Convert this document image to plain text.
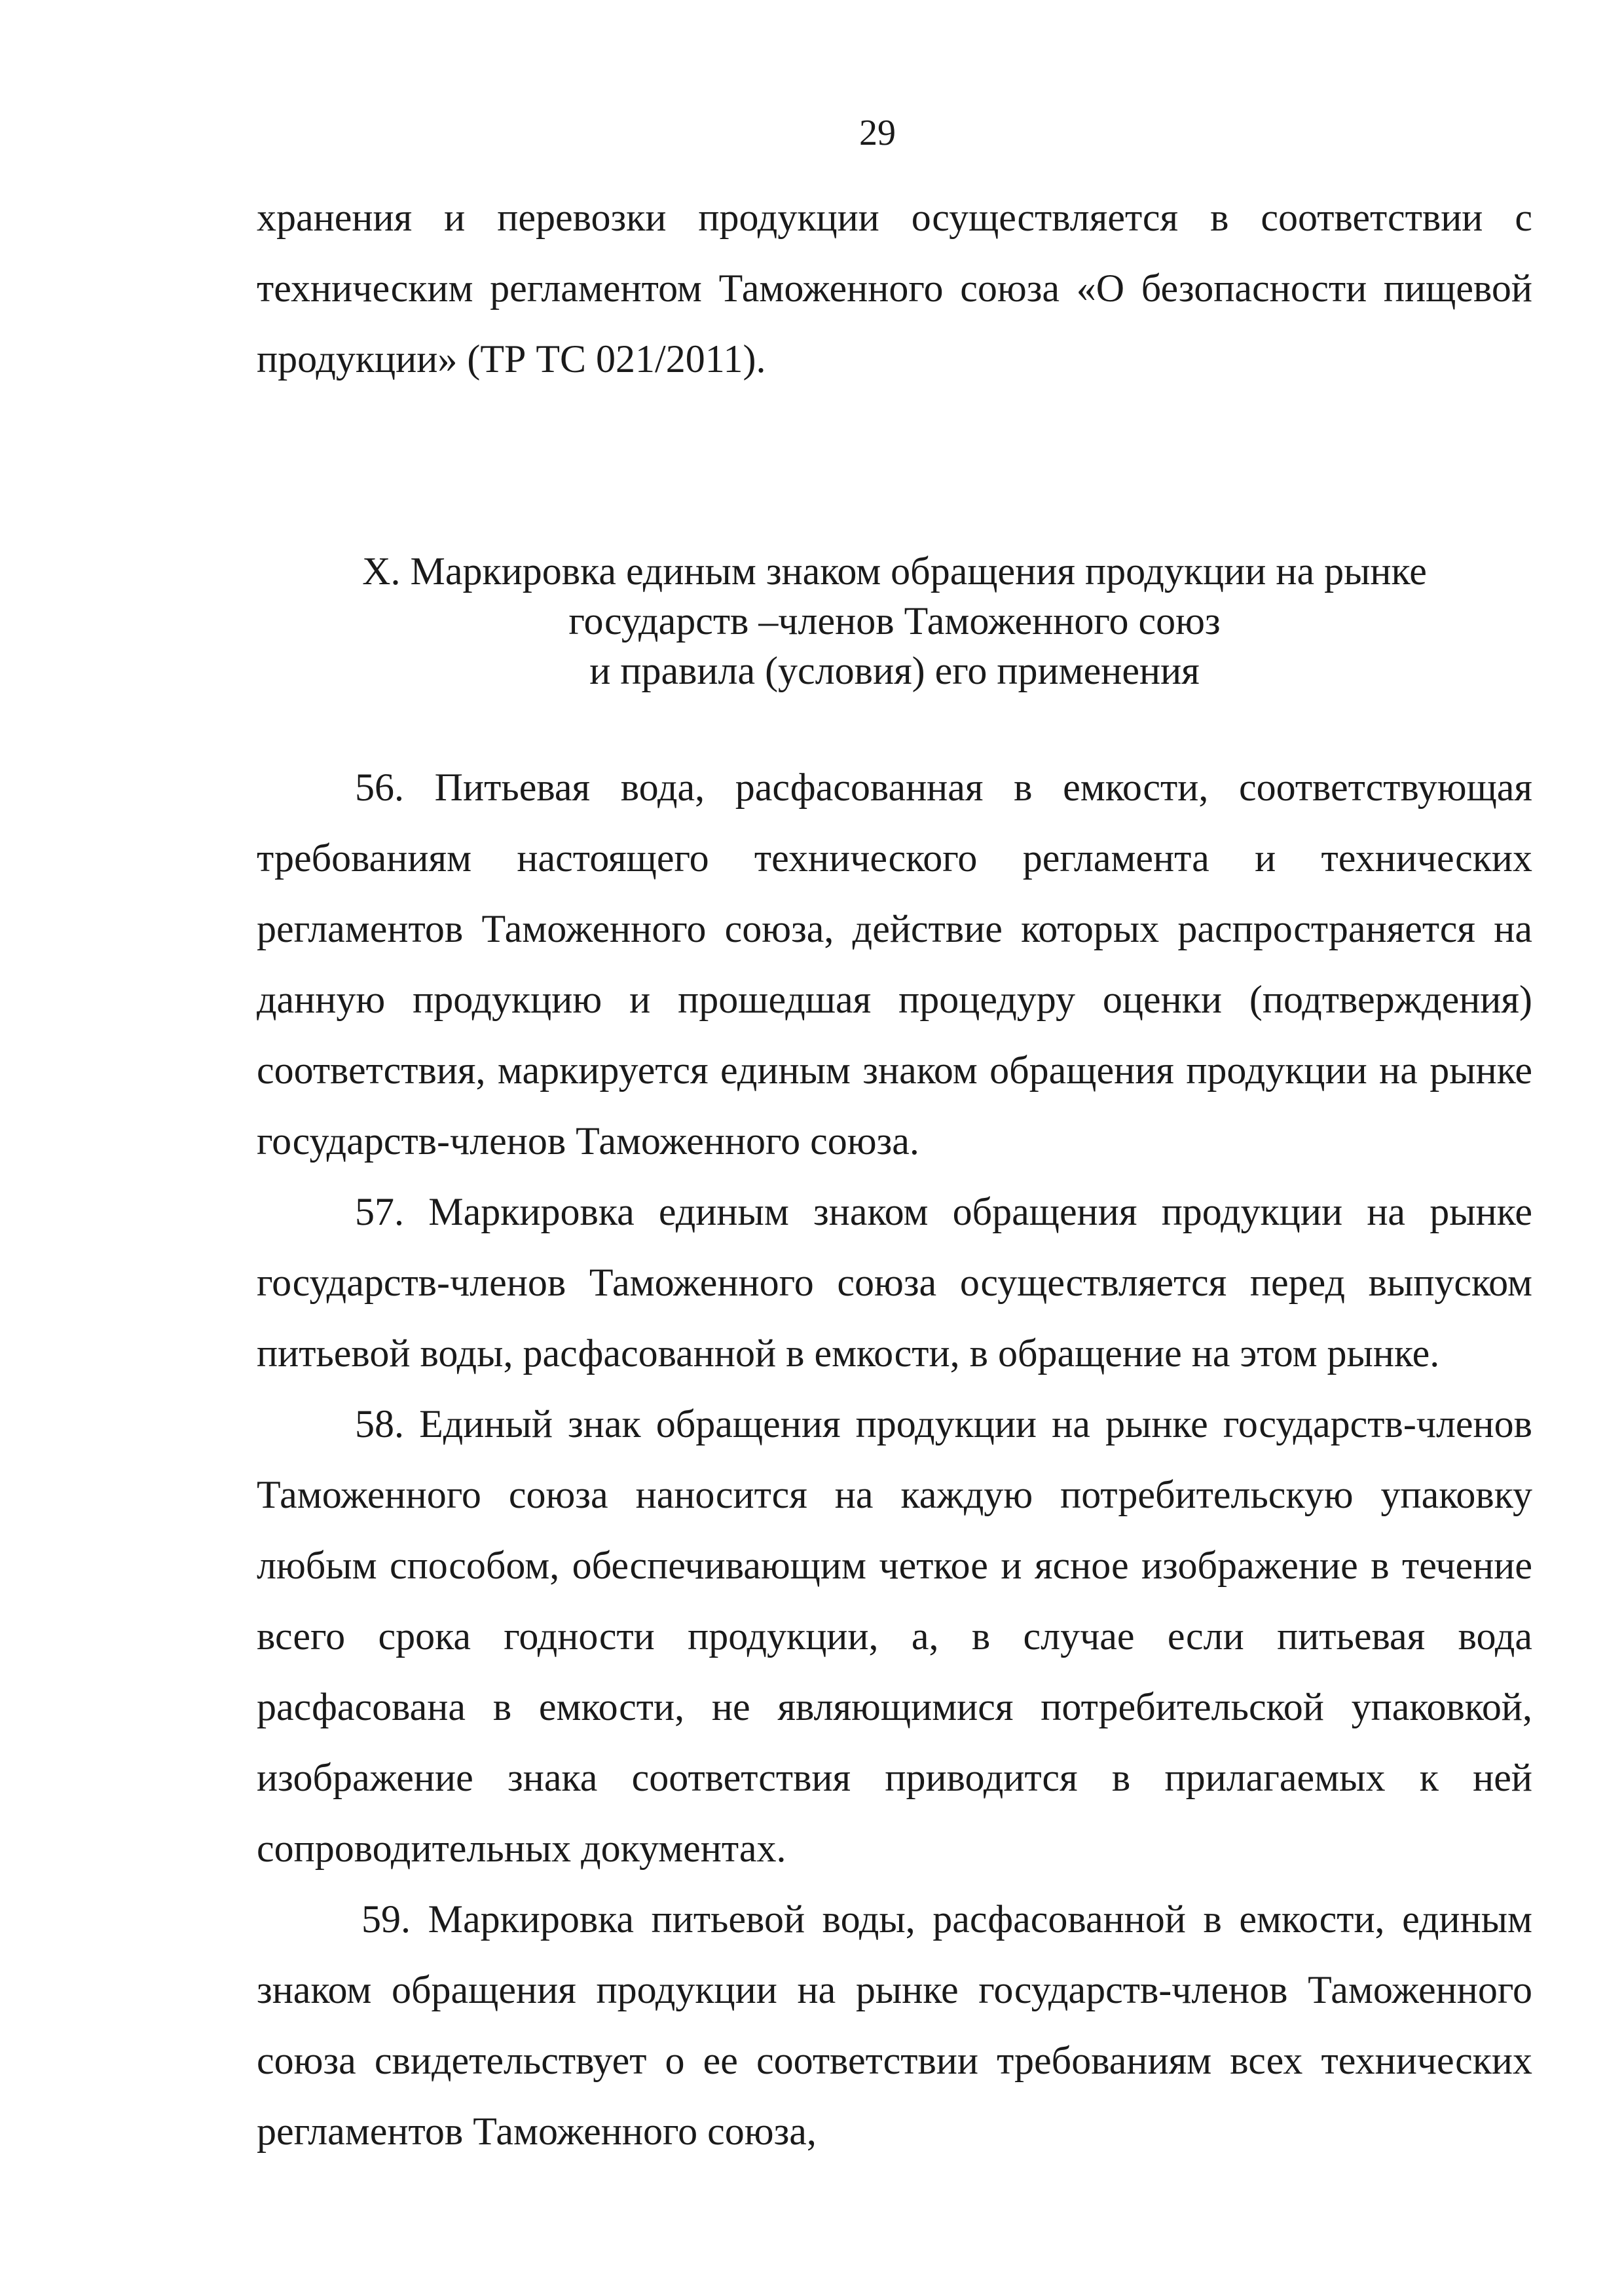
29

хранения и перевозки продукции осуществляется в соответствии с техническим регламентом Таможенного союза «О безопасности пищевой продукции» (ТР ТС 021/2011).

X. Маркировка единым знаком обращения продукции на рынке
государств –членов Таможенного союз
и правила (условия) его применения

56. Питьевая вода, расфасованная в емкости, соответствующая требованиям настоящего технического регламента и технических регламентов Таможенного союза, действие которых распространяется на данную продукцию и прошедшая процедуру оценки (подтверждения) соответствия, маркируется единым знаком обращения продукции на рынке государств-членов Таможенного союза.

57. Маркировка единым знаком обращения продукции на рынке государств-членов Таможенного союза осуществляется перед выпуском питьевой воды, расфасованной в емкости, в обращение на этом рынке.

58. Единый знак обращения продукции на рынке государств-членов Таможенного союза наносится на каждую потребительскую упаковку любым способом, обеспечивающим четкое и ясное изображение в течение всего срока годности продукции, а, в случае если питьевая вода расфасована в емкости, не являющимися потребительской упаковкой, изображение знака соответствия приводится в прилагаемых к ней сопроводительных документах.

59. Маркировка питьевой воды, расфасованной в емкости, единым знаком обращения продукции на рынке государств-членов Таможенного союза свидетельствует о ее соответствии требованиям всех технических регламентов Таможенного союза,
